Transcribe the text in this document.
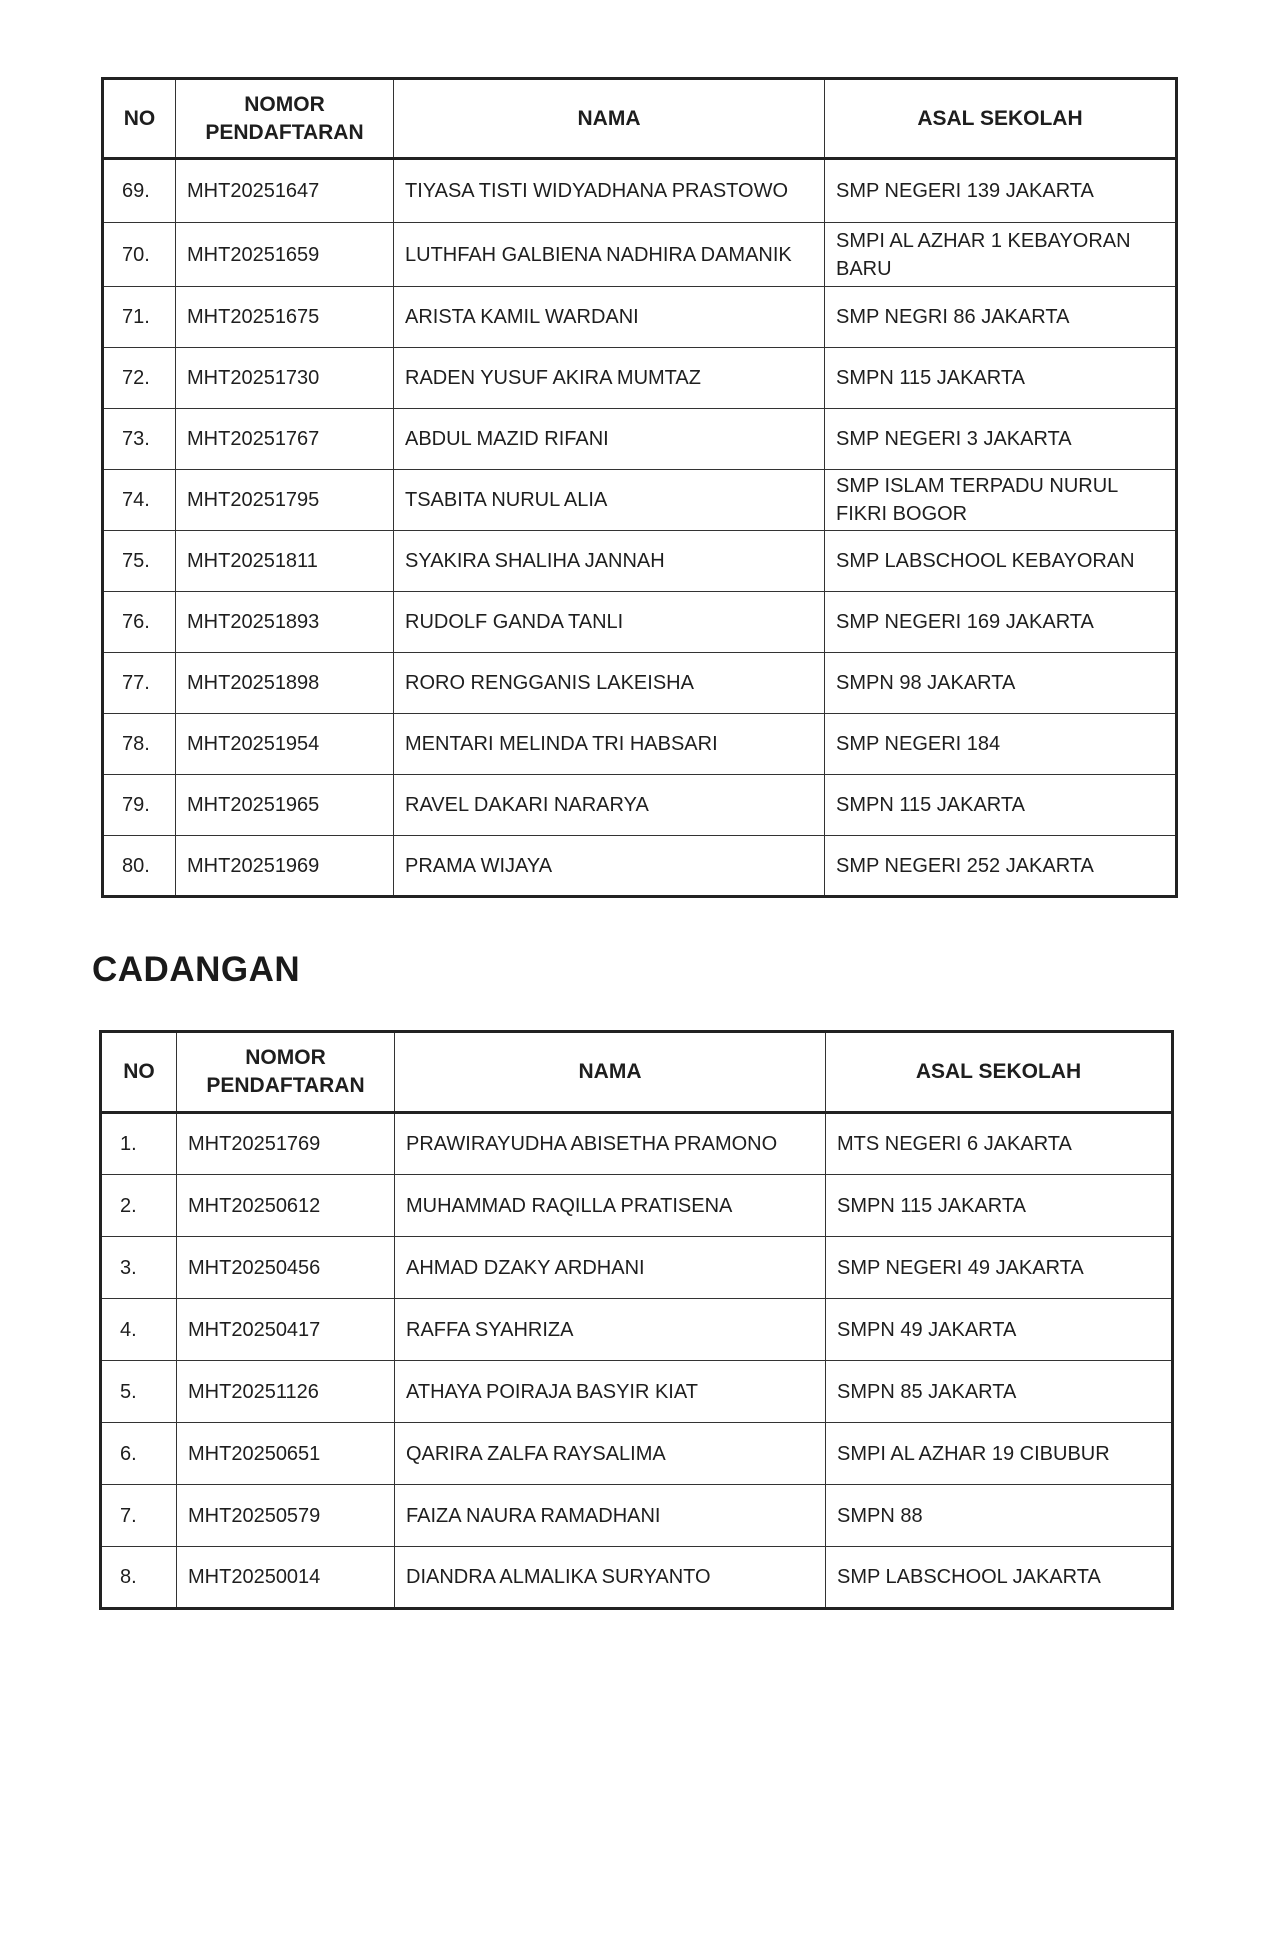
NO	NOMOR
PENDAFTARAN	NAMA	ASAL SEKOLAH
69.	MHT20251647	TIYASA TISTI WIDYADHANA PRASTOWO	SMP NEGERI 139 JAKARTA
70.	MHT20251659	LUTHFAH GALBIENA NADHIRA DAMANIK	SMPI AL AZHAR 1 KEBAYORAN BARU
71.	MHT20251675	ARISTA KAMIL WARDANI	SMP NEGRI 86 JAKARTA
72.	MHT20251730	RADEN YUSUF AKIRA MUMTAZ	SMPN 115 JAKARTA
73.	MHT20251767	ABDUL MAZID RIFANI	SMP NEGERI 3 JAKARTA
74.	MHT20251795	TSABITA NURUL ALIA	SMP ISLAM TERPADU NURUL FIKRI BOGOR
75.	MHT20251811	SYAKIRA SHALIHA JANNAH	SMP LABSCHOOL KEBAYORAN
76.	MHT20251893	RUDOLF GANDA TANLI	SMP NEGERI 169 JAKARTA
77.	MHT20251898	RORO RENGGANIS LAKEISHA	SMPN 98 JAKARTA
78.	MHT20251954	MENTARI MELINDA TRI HABSARI	SMP NEGERI 184
79.	MHT20251965	RAVEL DAKARI NARARYA	SMPN 115 JAKARTA
80.	MHT20251969	PRAMA WIJAYA	SMP NEGERI 252 JAKARTA
CADANGAN
NO	NOMOR
PENDAFTARAN	NAMA	ASAL SEKOLAH
1.	MHT20251769	PRAWIRAYUDHA ABISETHA PRAMONO	MTS NEGERI 6 JAKARTA
2.	MHT20250612	MUHAMMAD RAQILLA PRATISENA	SMPN 115 JAKARTA
3.	MHT20250456	AHMAD DZAKY ARDHANI	SMP NEGERI 49 JAKARTA
4.	MHT20250417	RAFFA SYAHRIZA	SMPN 49 JAKARTA
5.	MHT20251126	ATHAYA POIRAJA BASYIR KIAT	SMPN 85 JAKARTA
6.	MHT20250651	QARIRA ZALFA RAYSALIMA	SMPI AL AZHAR 19 CIBUBUR
7.	MHT20250579	FAIZA NAURA RAMADHANI	SMPN 88
8.	MHT20250014	DIANDRA ALMALIKA SURYANTO	SMP LABSCHOOL JAKARTA
